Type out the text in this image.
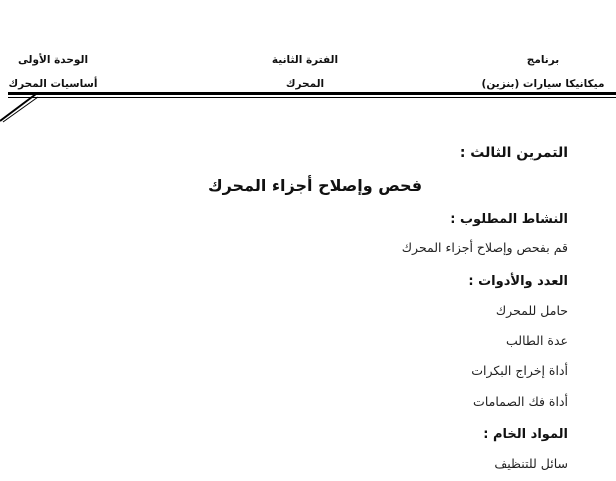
برنامج
ميكانيكا سيارات (بنزين)
الفترة الثانية
المحرك
الوحدة الأولى
أساسيات المحرك
التمرين الثالث :
فحص وإصلاح أجزاء المحرك
النشاط المطلوب :
قم بفحص وإصلاح أجزاء المحرك
العدد والأدوات :
حامل للمحرك
عدة الطالب
أداة إخراج البكرات
أداة فك الصمامات
المواد الخام :
سائل للتنظيف
